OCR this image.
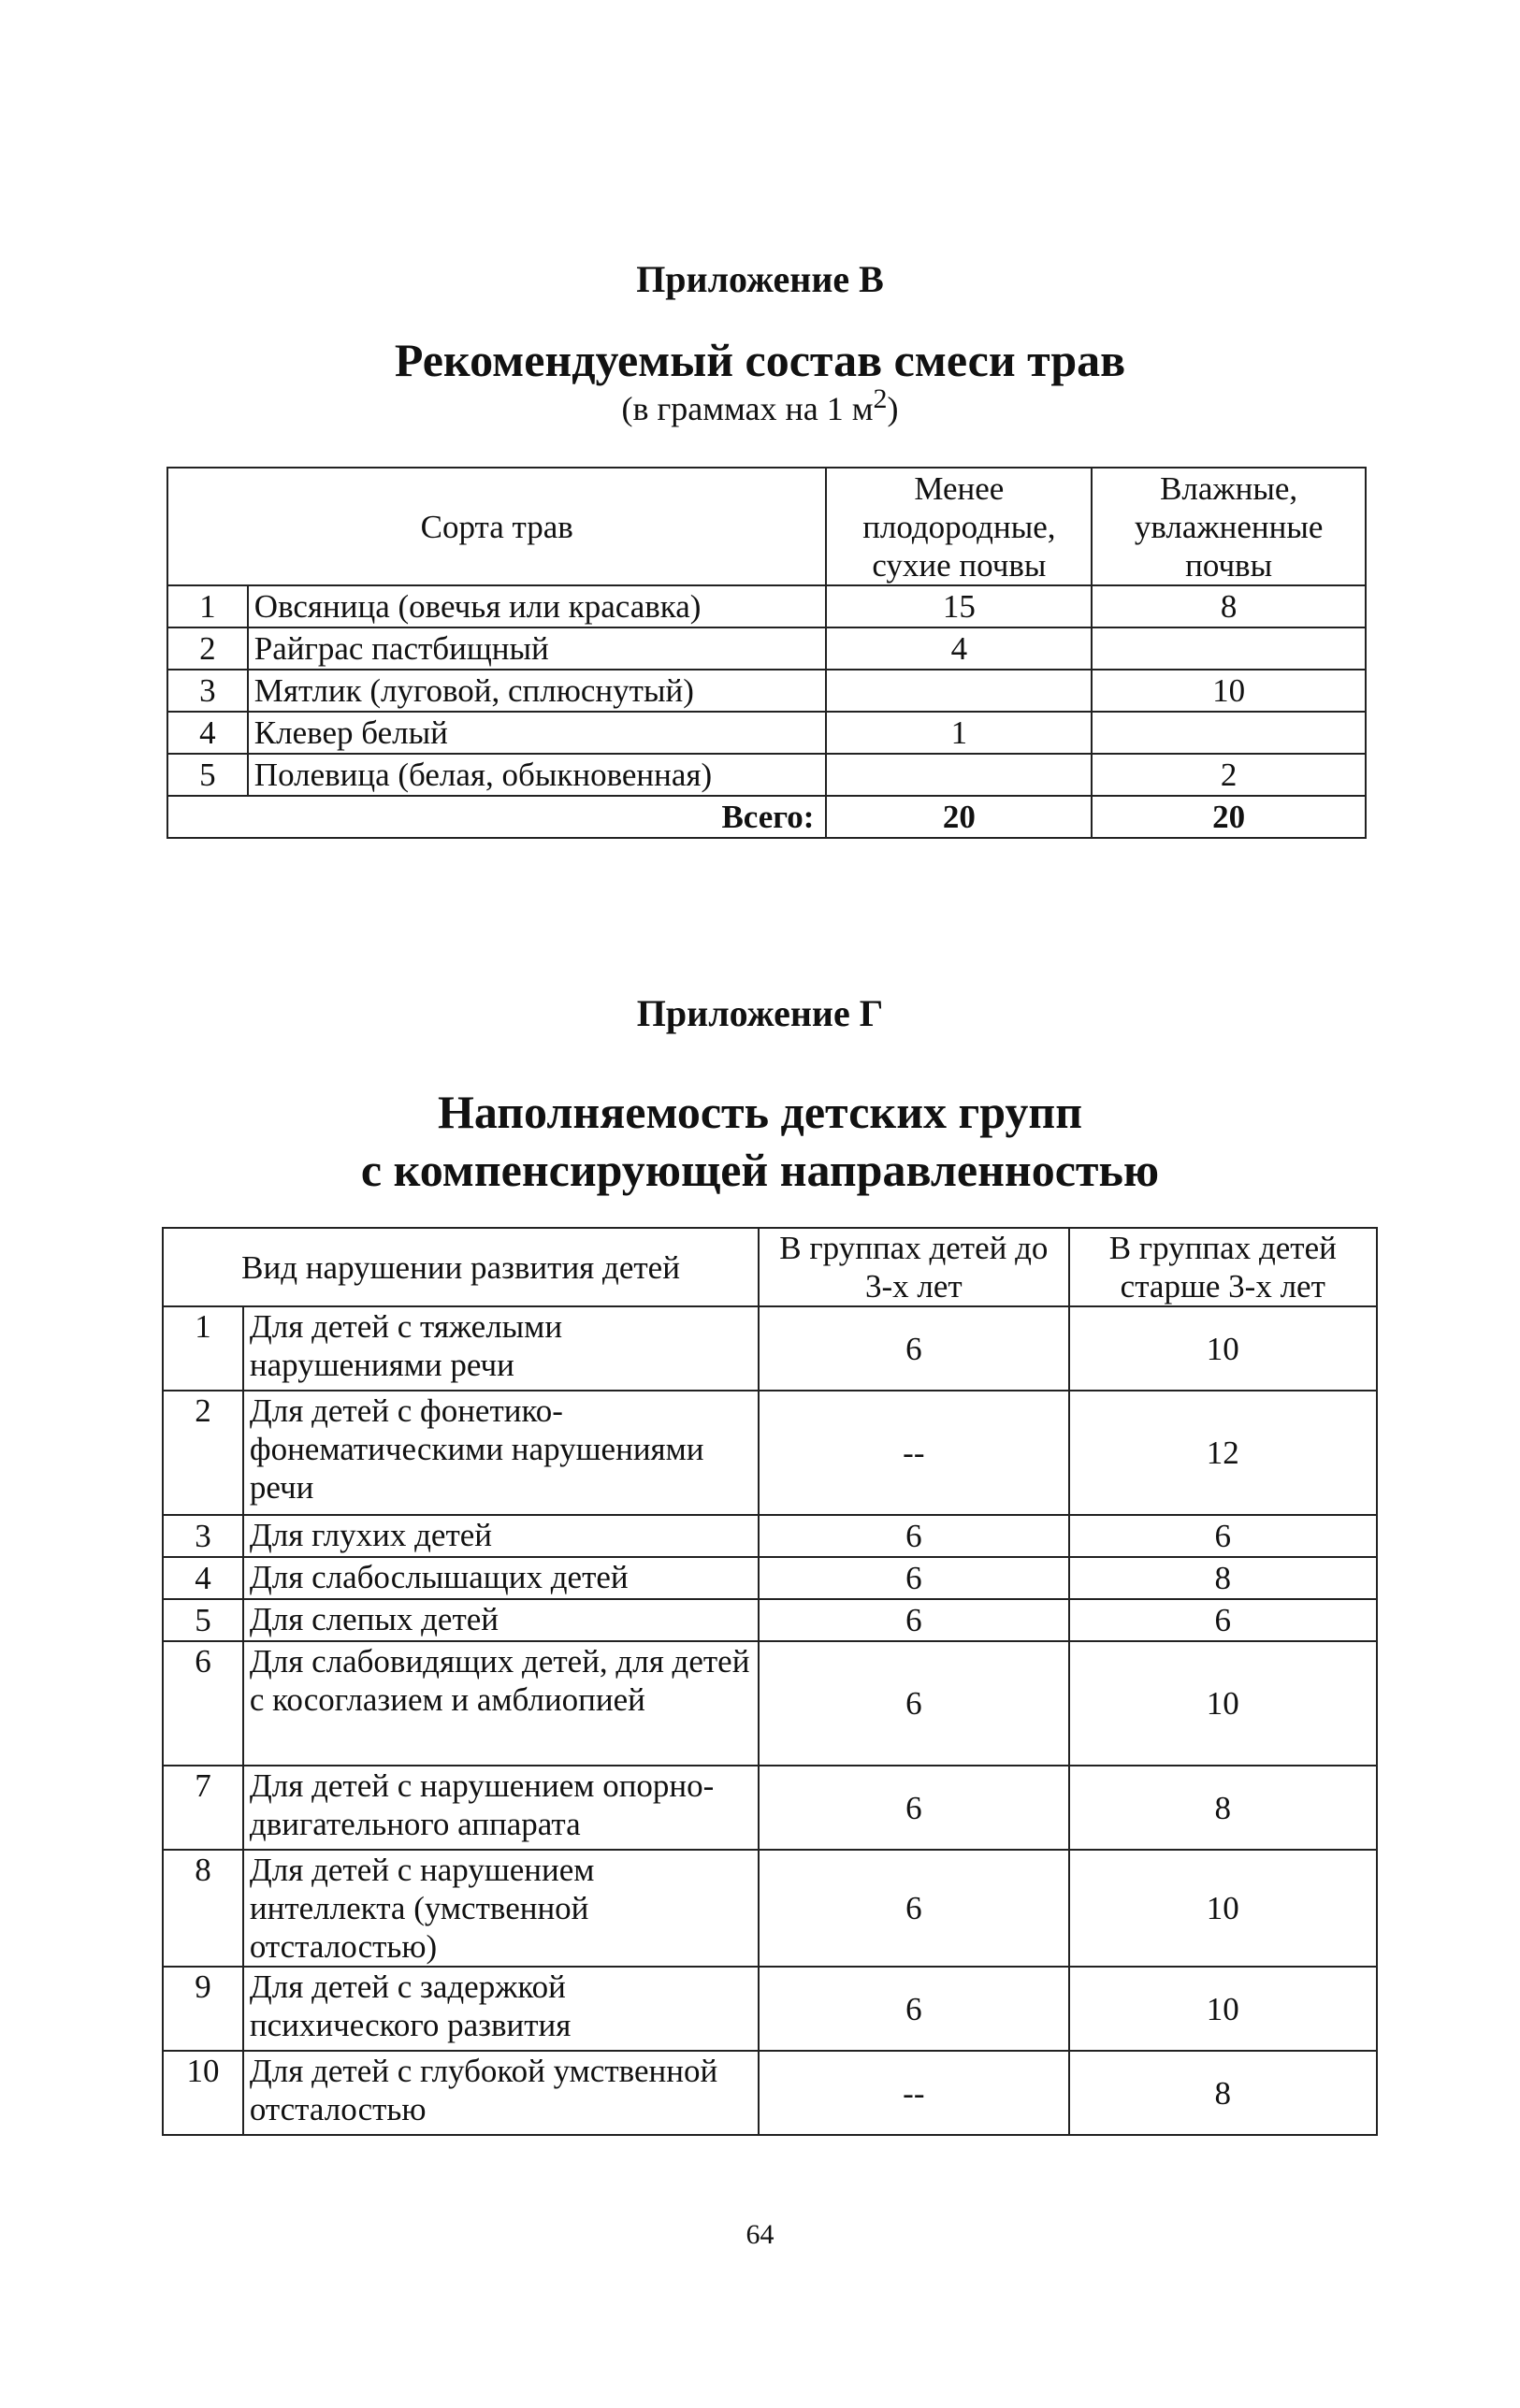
Приложение В
Рекомендуемый состав смеси трав
(в граммах на 1 $м^2$)
Сорта трав		Менее плодородные, сухие почвы	Влажные, увлажненные почвы
1	Овсяница (овечья или красавка)	15	8
2	Райграс пастбищный	4	
3	Мятлик (луговой, сплюснутый)		10
4	Клевер белый	1	
5	Полевица (белая, обыкновенная)		2
Всего:		20	20
Приложение Г
Наполняемость детских групп
с компенсирующей направленностью
Вид нарушении развития детей		В группах детей до 3-х лет	В группах детей старше 3-х лет
1	Для детей с тяжелыми нарушениями речи	6	10
2	Для детей с фонетико-фонематическими нарушениями речи	--	12
3	Для глухих детей	6	6
4	Для слабослышащих детей	6	8
5	Для слепых детей	6	6
6	Для слабовидящих детей, для детей с косоглазием и амблиопией	6	10
7	Для детей с нарушением опорно-двигательного аппарата	6	8
8	Для детей с нарушением интеллекта (умственной отсталостью)	6	10
9	Для детей с задержкой психического развития	6	10
10	Для детей с глубокой умственной отсталостью	--	8
64
